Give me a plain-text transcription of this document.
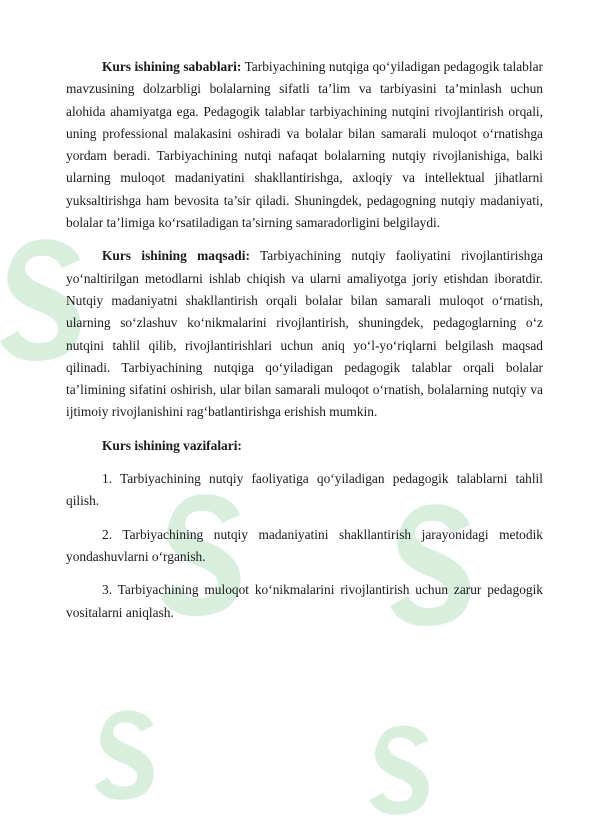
Kurs ishining sabablari: Tarbiyachining nutqiga qo‘yiladigan pedagogik talablar mavzusining dolzarbligi bolalarning sifatli ta’lim va tarbiyasini ta’minlash uchun alohida ahamiyatga ega. Pedagogik talablar tarbiyachining nutqini rivojlantirish orqali, uning professional malakasini oshiradi va bolalar bilan samarali muloqot o‘rnatishga yordam beradi. Tarbiyachining nutqi nafaqat bolalarning nutqiy rivojlanishiga, balki ularning muloqot madaniyatini shakllantirishga, axloqiy va intellektual jihatlarni yuksaltirishga ham bevosita ta’sir qiladi. Shuningdek, pedagogning nutqiy madaniyati, bolalar ta’limiga ko‘rsatiladigan ta’sirning samaradorligini belgilaydi.

Kurs ishining maqsadi: Tarbiyachining nutqiy faoliyatini rivojlantirishga yo‘naltirilgan metodlarni ishlab chiqish va ularni amaliyotga joriy etishdan iboratdir. Nutqiy madaniyatni shakllantirish orqali bolalar bilan samarali muloqot o‘rnatish, ularning so‘zlashuv ko‘nikmalarini rivojlantirish, shuningdek, pedagoglarning o‘z nutqini tahlil qilib, rivojlantirishlari uchun aniq yo‘l-yo‘riqlarni belgilash maqsad qilinadi. Tarbiyachining nutqiga qo‘yiladigan pedagogik talablar orqali bolalar ta’limining sifatini oshirish, ular bilan samarali muloqot o‘rnatish, bolalarning nutqiy va ijtimoiy rivojlanishini rag‘batlantirishga erishish mumkin.

Kurs ishining vazifalari:

1. Tarbiyachining nutqiy faoliyatiga qo‘yiladigan pedagogik talablarni tahlil qilish.

2. Tarbiyachining nutqiy madaniyatini shakllantirish jarayonidagi metodik yondashuvlarni o‘rganish.

3. Tarbiyachining muloqot ko‘nikmalarini rivojlantirish uchun zarur pedagogik vositalarni aniqlash.
